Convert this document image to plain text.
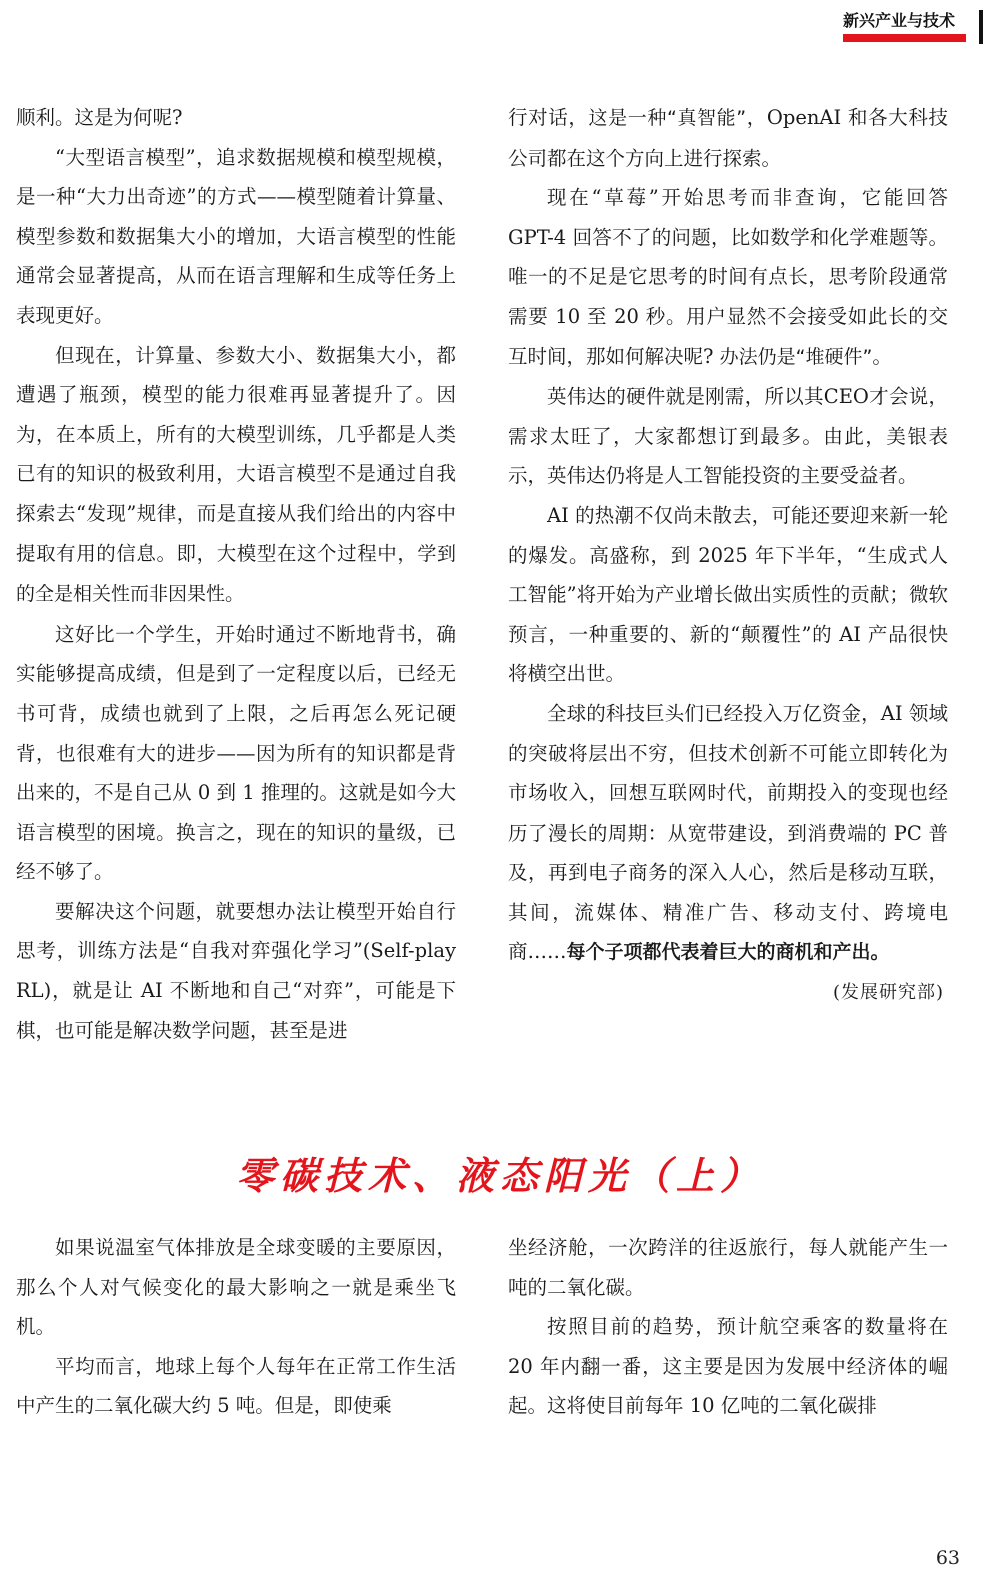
新兴产业与技术

顺利。这是为何呢?

“大型语言模型”，追求数据规模和模型规模，是一种“大力出奇迹”的方式——模型随着计算量、模型参数和数据集大小的增加，大语言模型的性能通常会显著提高，从而在语言理解和生成等任务上表现更好。

但现在，计算量、参数大小、数据集大小，都遭遇了瓶颈，模型的能力很难再显著提升了。因为，在本质上，所有的大模型训练，几乎都是人类已有的知识的极致利用，大语言模型不是通过自我探索去“发现”规律，而是直接从我们给出的内容中提取有用的信息。即，大模型在这个过程中，学到的全是相关性而非因果性。

这好比一个学生，开始时通过不断地背书，确实能够提高成绩，但是到了一定程度以后，已经无书可背，成绩也就到了上限，之后再怎么死记硬背，也很难有大的进步——因为所有的知识都是背出来的，不是自己从 0 到 1 推理的。这就是如今大语言模型的困境。换言之，现在的知识的量级，已经不够了。

要解决这个问题，就要想办法让模型开始自行思考，训练方法是“自我对弈强化学习”(Self-play RL)，就是让 AI 不断地和自己“对弈”，可能是下棋，也可能是解决数学问题，甚至是进

行对话，这是一种“真智能”，OpenAI 和各大科技公司都在这个方向上进行探索。

现在“草莓”开始思考而非查询，它能回答 GPT-4 回答不了的问题，比如数学和化学难题等。唯一的不足是它思考的时间有点长，思考阶段通常需要 10 至 20 秒。用户显然不会接受如此长的交互时间，那如何解决呢? 办法仍是“堆硬件”。

英伟达的硬件就是刚需，所以其CEO才会说，需求太旺了，大家都想订到最多。由此，美银表示，英伟达仍将是人工智能投资的主要受益者。

AI 的热潮不仅尚未散去，可能还要迎来新一轮的爆发。高盛称，到 2025 年下半年，“生成式人工智能”将开始为产业增长做出实质性的贡献；微软预言，一种重要的、新的“颠覆性”的 AI 产品很快将横空出世。

全球的科技巨头们已经投入万亿资金，AI 领域的突破将层出不穷，但技术创新不可能立即转化为市场收入，回想互联网时代，前期投入的变现也经历了漫长的周期：从宽带建设，到消费端的 PC 普及，再到电子商务的深入人心，然后是移动互联，其间，流媒体、精准广告、移动支付、跨境电商……每个子项都代表着巨大的商机和产出。

(发展研究部)

零碳技术、液态阳光（上）

如果说温室气体排放是全球变暖的主要原因，那么个人对气候变化的最大影响之一就是乘坐飞机。

平均而言，地球上每个人每年在正常工作生活中产生的二氧化碳大约 5 吨。但是，即使乘

坐经济舱，一次跨洋的往返旅行，每人就能产生一吨的二氧化碳。

按照目前的趋势，预计航空乘客的数量将在 20 年内翻一番，这主要是因为发展中经济体的崛起。这将使目前每年 10 亿吨的二氧化碳排

63
